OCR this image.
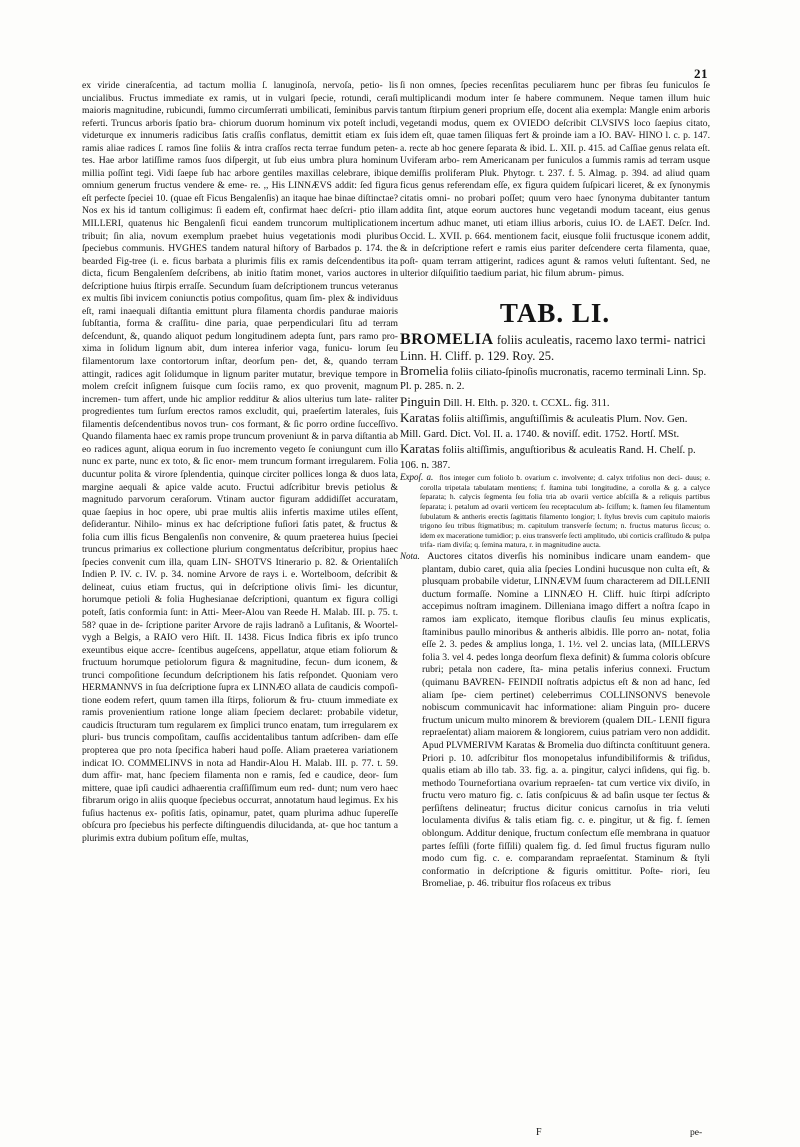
21

ex viride cineraſcentia, ad tactum mollia ſ. lanuginoſa, nervoſa, petio- lis uncialibus. Fructus immediate ex ramis, ut in vulgari ſpecie, rotundi, ceraſi maioris magnitudine, rubicundi, ſummo circumſerrati umbilicati, ſeminibus parvis referti. Truncus arboris ſpatio bra- chiorum duorum hominum vix poteſt includi, videturque ex innumeris radicibus ſatis craſſis conflatus, demittit etiam ex ſuis ramis aliae radices ſ. ramos ſine foliis & intra craſſos recta terrae fundum peten- tes. Hae arbor latiſſime ramos ſuos diſpergit, ut ſub eius umbra plura hominum millia poſſint tegi. Vidi ſaepe ſub hac arbore gentiles maxillas celebrare, ibique omnium generum fructus vendere & eme- re. ,, His LINNÆVS addit: ſed figura eſt perfecte ſpeciei 10. (quae eſt Ficus Bengalenſis) an itaque hae binae diſtinctae? Nos ex his id tantum colligimus: ſi eadem eſt, confirmat haec deſcri- ptio illam MILLERI, quatenus hic Bengalenſi ficui eandem truncorum multiplicationem tribuit; ſin alia, novum exemplum praebet huius vegetationis modi pluribus ſpeciebus communis. HVGHES tandem natural hiſtory of Barbados p. 174. the bearded Fig-tree (i. e. ficus barbata a plurimis filis ex ramis deſcendentibus ita dicta, ficum Bengalenſem deſcribens, ab initio ſtatim monet, varios auctores in deſcriptione huius ſtirpis erraſſe. Secundum ſuam deſcriptionem truncus veteranus ex multis ſibi invicem coniunctis potius compoſitus, quam ſim- plex & individuus eſt, rami inaequali diſtantia emittunt plura filamenta chordis pandurae maioris ſubſtantia, forma & craſſitu- dine paria, quae perpendiculari ſitu ad terram deſcendunt, &, quando aliquot pedum longitudinem adepta ſunt, pars ramo pro- xima in ſolidum lignum abit, dum interea inferior vaga, funicu- lorum ſeu filamentorum laxe contortorum inſtar, deorſum pen- det, &, quando terram attingit, radices agit ſolidumque in lignum pariter mutatur, brevique tempore in molem creſcit inſignem ſuisque cum ſociis ramo, ex quo provenit, magnum incremen- tum affert, unde hic amplior redditur & alios ulterius tum late- raliter progredientes tum ſurſum erectos ramos excludit, qui, praeſertim laterales, ſuis filamentis deſcendentibus novos trun- cos formant, & ſic porro ordine ſucceſſivo. Quando filamenta haec ex ramis prope truncum proveniunt & in parva diſtantia ab eo radices agunt, aliqua eorum in ſuo incremento vegeto ſe coniungunt cum illo nunc ex parte, nunc ex toto, & ſic enor- mem truncum formant irregularem. Folia ducuntur polita & virore ſplendentia, quinque circiter pollices longa & duos lata, margine aequali & apice valde acuto. Fructui adſcribitur brevis petiolus & magnitudo parvorum ceraſorum. Vtinam auctor figuram addidiſſet accuratam, quae ſaepius in hoc opere, ubi prae multis aliis infertis maxime utiles eſſent, deſiderantur. Nihilo- minus ex hac deſcriptione fuſiori ſatis patet, & fructus & folia cum illis ficus Bengalenſis non convenire, & quum praeterea huius ſpeciei truncus primarius ex collectione plurium congmentatus deſcribitur, propius haec ſpecies convenit cum illa, quam LIN- SHOTVS Itinerario p. 82. & Orientaliſch Indien P. IV. c. IV. p. 34. nomine Arvore de rays i. e. Wortelboom, deſcribit & delineat, cuius etiam fructus, qui in deſcriptione olivis ſimi- les dicuntur, horumque petioli & folia Hughesianae deſcriptioni, quantum ex figura colligi poteſt, ſatis conformia ſunt: in Atti- Meer-Alou van Reede H. Malab. III. p. 75. t. 58? quae in de- ſcriptione pariter Arvore de rajis ladranõ a Luſitanis, & Woortel-vygh a Belgis, a RAIO vero Hiſt. II. 1438. Ficus Indica fibris ex ipſo trunco exeuntibus eique accre- ſcentibus augeſcens, appellatur, atque etiam foliorum & fructuum horumque petiolorum figura & magnitudine, fecun- dum iconem, & trunci compoſitione ſecundum deſcriptionem his ſatis reſpondet. Quoniam vero HERMANNVS in ſua deſcriptione ſupra ex LINNÆO allata de caudicis compoſi- tione eodem refert, quum tamen illa ſtirps, foliorum & fru- ctuum immediate ex ramis provenientium ratione longe aliam ſpeciem declaret: probabile videtur, caudicis ſtructuram tum regularem ex ſimplici trunco enatam, tum irregularem ex pluri- bus truncis compoſitam, cauſſis accidentalibus tantum adſcriben- dam eſſe propterea que pro nota ſpecifica haberi haud poſſe. Aliam praeterea variationem indicat IO. COMMELINVS in nota ad Handir-Alou H. Malab. III. p. 77. t. 59. dum affir- mat, hanc ſpeciem filamenta non e ramis, ſed e caudice, deor- ſum mittere, quae ipſi caudici adhaerentia craſſiſſimum eum red- dunt; num vero haec fibrarum origo in aliis quoque ſpeciebus occurrat, annotatum haud legimus. Ex his fuſius hactenus ex- poſitis ſatis, opinamur, patet, quam plurima adhuc ſupereſſe obſcura pro ſpeciebus his perfecte diſtinguendis dilucidanda, at- que hoc tantum a plurimis extra dubium poſitum eſſe, multas,

ſi non omnes, ſpecies recenſitas peculiarem hunc per fibras ſeu funiculos ſe multiplicandi modum inter ſe habere communem. Neque tamen illum huic tantum ſtirpium generi proprium eſſe, docent alia exempla: Mangle enim arboris vegetandi modus, quem ex OVIEDO deſcribit CLVSIVS loco ſaepius citato, idem eſt, quae tamen ſiliquas fert & proinde iam a IO. BAV- HINO l. c. p. 147. a. recte ab hoc genere ſeparata & ibid. L. XII. p. 415. ad Caſſiae genus relata eſt. Uviferam arbo- rem Americanam per funiculos a ſummis ramis ad terram usque demiſſis proliferam Pluk. Phytogr. t. 237. f. 5. Almag. p. 394. ad aliud quam ficus genus referendam eſſe, ex figura quidem ſuſpicari liceret, & ex ſynonymis citatis omni- no probari poſſet; quum vero haec ſynonyma dubitanter tantum addita ſint, atque eorum auctores hunc vegetandi modum taceant, eius genus incertum adhuc manet, uti etiam illius arboris, cuius IO. de LAET. Deſcr. Ind. Occid. L. XVII. p. 664. mentionem facit, eiusque folii fructusque iconem addit, & in deſcriptione refert e ramis eius pariter deſcendere certa filamenta, quae, poſt- quam terram attigerint, radices agunt & ramos veluti ſuſtentant. Sed, ne ulterior diſquiſitio taedium pariat, hic filum abrum- pimus.

TAB. LI.

BROMELIA foliis aculeatis, racemo laxo termi- natrici Linn. H. Cliff. p. 129. Roy. 25.

Bromelia foliis ciliato-ſpinoſis mucronatis, racemo terminali Linn. Sp. Pl. p. 285. n. 2.

Pinguin Dill. H. Elth. p. 320. t. CCXL. fig. 311.

Karatas foliis altiſſimis, anguſtiſſimis & aculeatis Plum. Nov. Gen. Mill. Gard. Dict. Vol. II. a. 1740. & noviſſ. edit. 1752. Hortſ. MSt.

Karatas foliis altiſſimis, anguſtioribus & aculeatis Rand. H. Chelſ. p. 106. n. 387.

Expoſ. a. flos integer cum foliolo b. ovarium c. involvente; d. calyx trifolius non deci- duus; e. corolla tripetala tabulatam mentiens; f. ſtamina tubi longitudine, a corolla & g. a calyce ſeparata; h. calycis ſegmenta ſeu folia tria ab ovarii vertice abſciſſa & a reliquis partibus ſeparata; i. petalum ad ovarii verticem ſeu receptaculum ab- ſciſſum; k. ſtamen ſeu filamentum ſubulatum & antheris erectis ſagittatis filamento longior; l. ſtylus brevis cum capitulo maioris trigono ſeu tribus ſtigmatibus; m. capitulum transverſe ſectum; n. fructus maturus ſiccus; o. idem ex maceratione tumidior; p. eius transverſe ſecti amplitudo, ubi corticis craſſitudo & pulpa trifa- riam diviſa; q. ſemina matura, r. in magnitudine aucta.

Nota. Auctores citatos diverſis his nominibus indicare unam eandem- que plantam, dubio caret, quia alia ſpecies Londini hucusque non culta eſt, & plusquam probabile videtur, LINNÆVM ſuum characterem ad DILLENII ductum formaſſe. Nomine a LINNÆO H. Cliff. huic ſtirpi adſcripto accepimus noſtram imaginem. Dilleniana imago differt a noſtra ſcapo in ramos iam explicato, itemque floribus clauſis ſeu minus explicatis, ſtaminibus paullo minoribus & antheris albidis. Ille porro an- notat, folia eſſe 2. 3. pedes & amplius longa, 1. 1½. vel 2. uncias lata, (MILLERVS folia 3. vel 4. pedes longa deorſum flexa definit) & ſumma coloris obſcure rubri; petala non cadere, ſta- mina petalis inferius connexi. Fructum (quimanu BAVREN- FEINDII noſtratis adpictus eſt & non ad hanc, ſed aliam ſpe- ciem pertinet) celeberrimus COLLINSONVS benevole nobiscum communicavit hac informatione: aliam Pinguin pro- ducere fructum unicum multo minorem & breviorem (qualem DIL- LENII figura repraeſentat) aliam maiorem & longiorem, cuius patriam vero non addidit. Apud PLVMERIVM Karatas & Bromelia duo diſtincta conſtituunt genera. Priori p. 10. adſcribitur flos monopetalus infundibiliformis & triſidus, qualis etiam ab illo tab. 33. fig. a. a. pingitur, calyci inſidens, qui fig. b. methodo Tournefortiana ovarium repraeſen- tat cum vertice vix diviſo, in fructu vero maturo fig. c. ſatis conſpicuus & ad baſin usque ter ſectus & perſiſtens delineatur; fructus dicitur conicus carnoſus in tria veluti loculamenta diviſus & talis etiam fig. c. e. pingitur, ut & fig. f. ſemen oblongum. Additur denique, fructum conſectum eſſe membrana in quatuor partes ſeſſili (forte fiſſili) qualem fig. d. ſed ſimul fructus figuram nullo modo cum fig. c. e. comparandam repraeſentat. Staminum & ſtyli conformatio in deſcriptione & figuris omittitur. Poſte- riori, ſeu Bromeliae, p. 46. tribuitur flos roſaceus ex tribus

F	pe-
